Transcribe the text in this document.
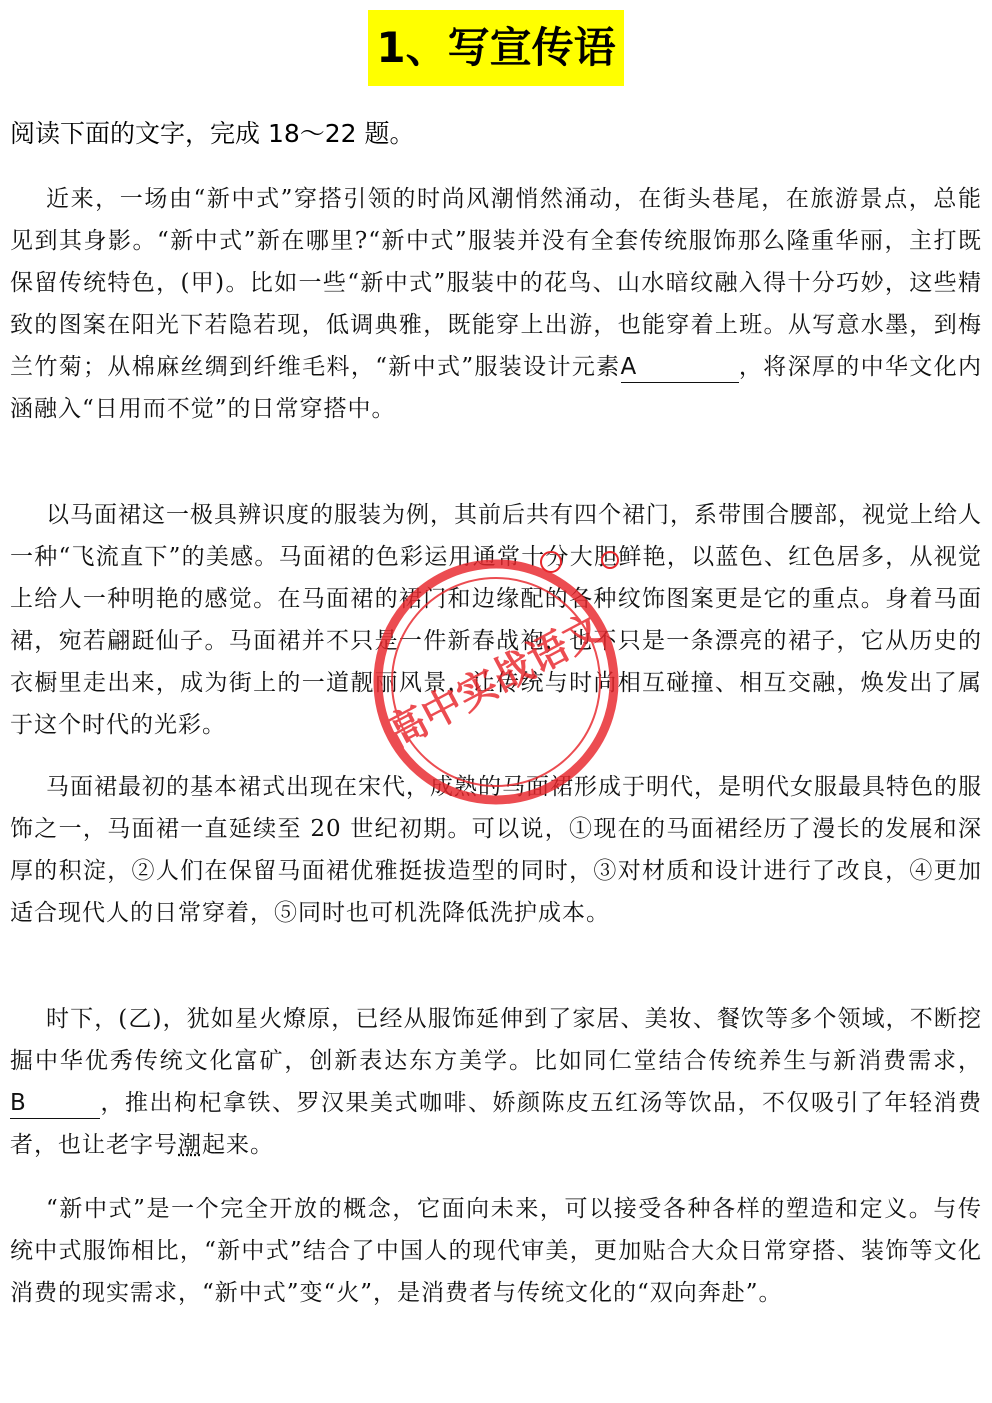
1、写宣传语
阅读下面的文字，完成 18～22 题。

近来，一场由“新中式”穿搭引领的时尚风潮悄然涌动，在街头巷尾，在旅游景点，总能见到其身影。“新中式”新在哪里?“新中式”服装并没有全套传统服饰那么隆重华丽，主打既保留传统特色，(甲)。比如一些“新中式”服装中的花鸟、山水暗纹融入得十分巧妙，这些精致的图案在阳光下若隐若现，低调典雅，既能穿上出游，也能穿着上班。从写意水墨，到梅兰竹菊；从棉麻丝绸到纤维毛料，“新中式”服装设计元素A	，将深厚的中华文化内涵融入“日用而不觉”的日常穿搭中。

以马面裙这一极具辨识度的服装为例，其前后共有四个裙门，系带围合腰部，视觉上给人一种“飞流直下”的美感。马面裙的色彩运用通常十分大胆鲜艳，以蓝色、红色居多，从视觉上给人一种明艳的感觉。在马面裙的裙门和边缘配的各种纹饰图案更是它的重点。身着马面裙，宛若翩跹仙子。马面裙并不只是一件新春战袍，也不只是一条漂亮的裙子，它从历史的衣橱里走出来，成为街上的一道靓丽风景，让传统与时尚相互碰撞、相互交融，焕发出了属于这个时代的光彩。

马面裙最初的基本裙式出现在宋代，成熟的马面裙形成于明代，是明代女服最具特色的服饰之一，马面裙一直延续至 20 世纪初期。可以说，①现在的马面裙经历了漫长的发展和深厚的积淀，②人们在保留马面裙优雅挺拔造型的同时，③对材质和设计进行了改良，④更加适合现代人的日常穿着，⑤同时也可机洗降低洗护成本。

时下，(乙)，犹如星火燎原，已经从服饰延伸到了家居、美妆、餐饮等多个领域，不断挖掘中华优秀传统文化富矿，创新表达东方美学。比如同仁堂结合传统养生与新消费需求，B	，推出枸杞拿铁、罗汉果美式咖啡、娇颜陈皮五红汤等饮品，不仅吸引了年轻消费者，也让老字号潮起来。

“新中式”是一个完全开放的概念，它面向未来，可以接受各种各样的塑造和定义。与传统中式服饰相比，“新中式”结合了中国人的现代审美，更加贴合大众日常穿搭、装饰等文化消费的现实需求，“新中式”变“火”，是消费者与传统文化的“双向奔赴”。

高中实战语文
